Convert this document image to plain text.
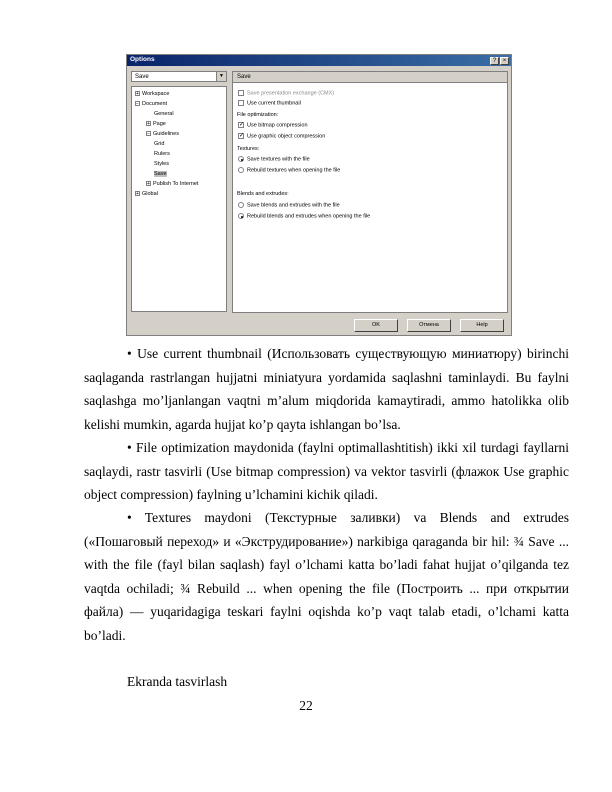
Options	?	×
Save	▼
+ Workspace
− Document
General
+ Page
− Guidelines
Grid
Rulers
Styles
Save
+ Publish To Internet
+ Global
Save
Save presentation exchange (CMX)
Use current thumbnail
File optimization:
✓Use bitmap compression
✓Use graphic object compression
Textures:
Save textures with the file
Rebuild textures when opening the file
Blends and extrudes:
Save blends and extrudes with the file
Rebuild blends and extrudes when opening the file
OK	Отмена	Help

• Use current thumbnail (Использовать существующую миниатюру) birinchi saqlaganda rastrlangan hujjatni miniatyura yordamida saqlashni taminlaydi. Bu faylni saqlashga mo’ljanlangan vaqtni m’alum miqdorida kamaytiradi, ammo hatolikka olib kelishi mumkin, agarda hujjat ko’p qayta ishlangan bo’lsa.

• File optimization maydonida (faylni optimallashtitish) ikki xil turdagi fayllarni saqlaydi, rastr tasvirli (Use bitmap compression) va vektor tasvirli (флажок Use graphic object compression) faylning u’lchamini kichik qiladi.

• Textures maydoni (Текстурные заливки) va Blends and extrudes («Пошаговый переход» и «Экструдирование») narkibiga qaraganda bir hil: ¾ Save ... with the file (fayl bilan saqlash) fayl o’lchami katta bo’ladi fahat hujjat o’qilganda tez vaqtda ochiladi; ¾ Rebuild ... when opening the file (Построить ... при открытии файла) — yuqaridagiga teskari faylni oqishda ko’p vaqt talab etadi, o’lchami katta bo’ladi.

Ekranda tasvirlash

22
